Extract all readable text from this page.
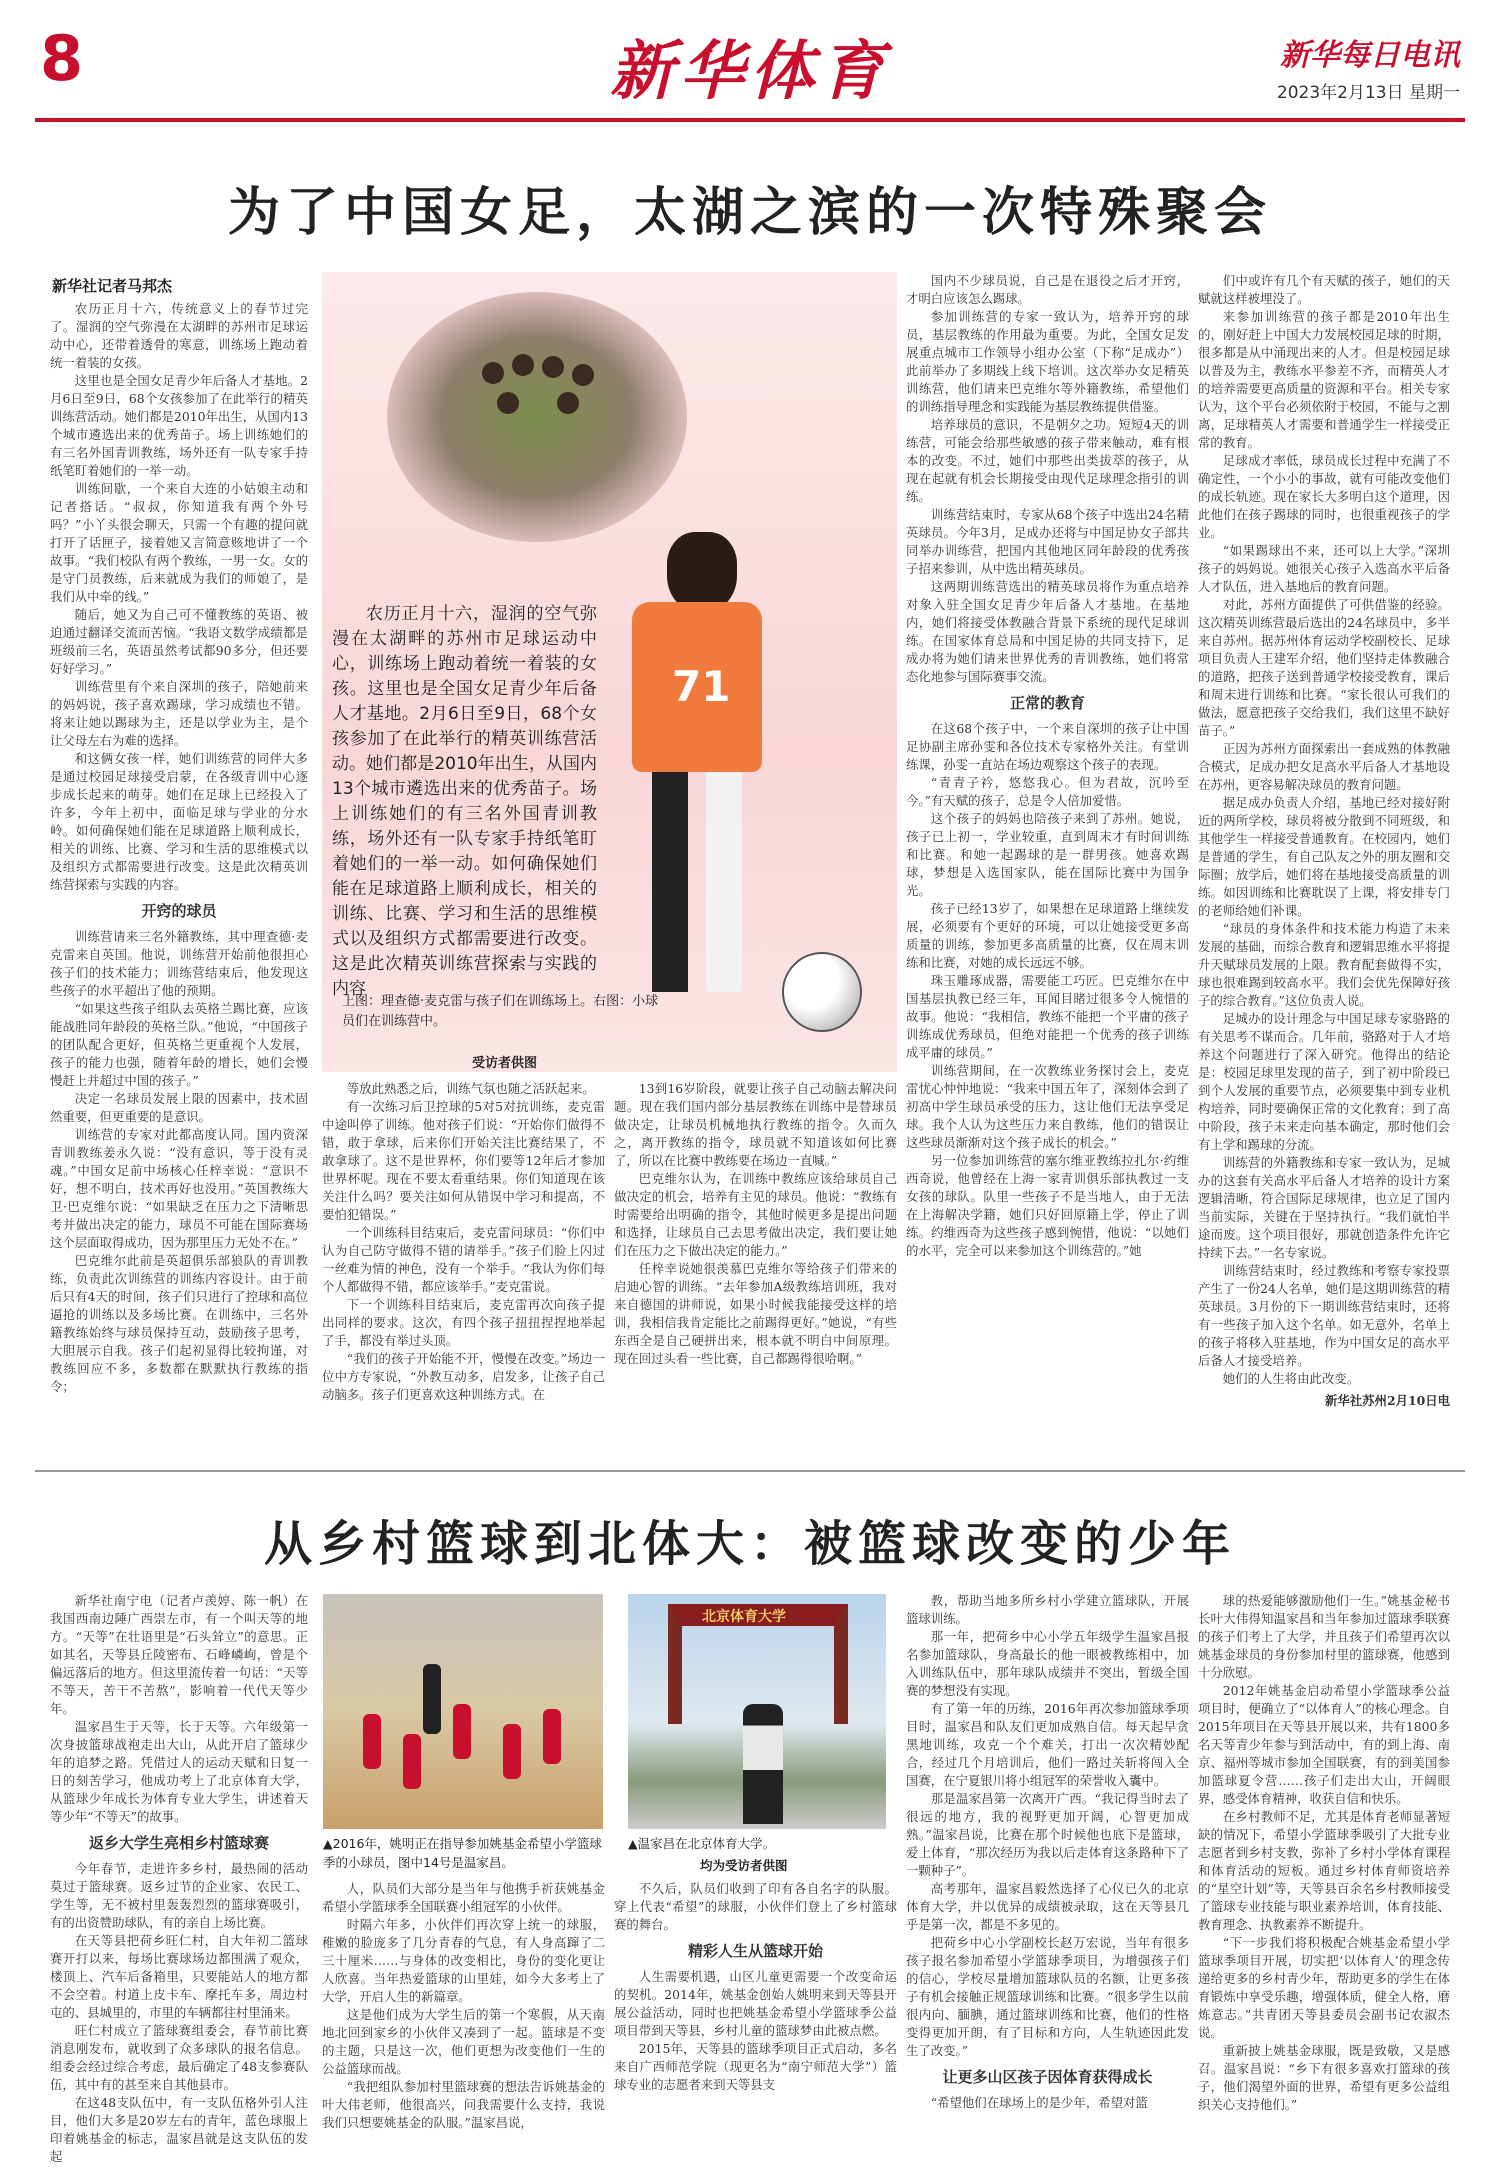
8	新华体育	新华每日电讯
2023年2月13日 星期一
为了中国女足，太湖之滨的一次特殊聚会
新华社记者马邦杰

农历正月十六，传统意义上的春节过完了。湿润的空气弥漫在太湖畔的苏州市足球运动中心，还带着透骨的寒意，训练场上跑动着统一着装的女孩。

这里也是全国女足青少年后备人才基地。2月6日至9日，68个女孩参加了在此举行的精英训练营活动。她们都是2010年出生，从国内13个城市遴选出来的优秀苗子。场上训练她们的有三名外国青训教练，场外还有一队专家手持纸笔盯着她们的一举一动。

训练间歇，一个来自大连的小姑娘主动和记者搭话。“叔叔，你知道我有两个外号吗？”小丫头很会聊天，只需一个有趣的提问就打开了话匣子，接着她又言简意赅地讲了一个故事。“我们校队有两个教练，一男一女。女的是守门员教练，后来就成为我们的师娘了，是我们从中牵的线。”

随后，她又为自己可不懂教练的英语、被迫通过翻译交流而苦恼。“我语文数学成绩都是班级前三名，英语虽然考试都90多分，但还要好好学习。”

训练营里有个来自深圳的孩子，陪她前来的妈妈说，孩子喜欢踢球，学习成绩也不错。将来让她以踢球为主，还是以学业为主，是个让父母左右为难的选择。

和这俩女孩一样，她们训练营的同伴大多是通过校园足球接受启蒙，在各级青训中心逐步成长起来的萌芽。她们在足球上已经投入了许多，今年上初中，面临足球与学业的分水岭。如何确保她们能在足球道路上顺利成长，相关的训练、比赛、学习和生活的思维模式以及组织方式都需要进行改变。这是此次精英训练营探索与实践的内容。

开窍的球员

训练营请来三名外籍教练，其中理查德·麦克雷来自英国。他说，训练营开始前他很担心孩子们的技术能力；训练营结束后，他发现这些孩子的水平超出了他的预期。

“如果这些孩子组队去英格兰踢比赛，应该能战胜同年龄段的英格兰队。”他说，“中国孩子的团队配合更好，但英格兰更重视个人发展，孩子的能力也强，随着年龄的增长，她们会慢慢赶上并超过中国的孩子。”

决定一名球员发展上限的因素中，技术固然重要，但更重要的是意识。

训练营的专家对此都高度认同。国内资深青训教练姜永久说：“没有意识，等于没有灵魂。”中国女足前中场核心任梓幸说：“意识不好，想不明白，技术再好也没用。”英国教练大卫·巴克维尔说：“如果缺乏在压力之下清晰思考并做出决定的能力，球员不可能在国际赛场这个层面取得成功，因为那里压力无处不在。”

巴克维尔此前是英超俱乐部狼队的青训教练，负责此次训练营的训练内容设计。由于前后只有4天的时间，孩子们只进行了控球和高位逼抢的训练以及多场比赛。在训练中，三名外籍教练始终与球员保持互动，鼓励孩子思考，大胆展示自我。孩子们起初显得比较拘谨，对教练回应不多，多数都在默默执行教练的指令；

71
农历正月十六，湿润的空气弥漫在太湖畔的苏州市足球运动中心，训练场上跑动着统一着装的女孩。这里也是全国女足青少年后备人才基地。2月6日至9日，68个女孩参加了在此举行的精英训练营活动。她们都是2010年出生，从国内13个城市遴选出来的优秀苗子。场上训练她们的有三名外国青训教练，场外还有一队专家手持纸笔盯着她们的一举一动。如何确保她们能在足球道路上顺利成长，相关的训练、比赛、学习和生活的思维模式以及组织方式都需要进行改变。这是此次精英训练营探索与实践的内容
上图：理查德·麦克雷与孩子们在训练场上。右图：小球员们在训练营中。
受访者供图

等放此熟悉之后，训练气氛也随之活跃起来。

有一次练习后卫控球的5对5对抗训练，麦克雷中途叫停了训练。他对孩子们说：“开始你们做得不错，敢于拿球，后来你们开始关注比赛结果了，不敢拿球了。这不是世界杯，你们要等12年后才参加世界杯呢。现在不要太看重结果。你们知道现在该关注什么吗？要关注如何从错误中学习和提高，不要怕犯错误。”

一个训练科目结束后，麦克雷问球员：“你们中认为自己防守做得不错的请举手。”孩子们脸上闪过一丝难为情的神色，没有一个举手。“我认为你们每个人都做得不错，都应该举手。”麦克雷说。

下一个训练科目结束后，麦克雷再次向孩子提出同样的要求。这次，有四个孩子扭扭捏捏地举起了手，都没有举过头顶。

“我们的孩子开始能不开，慢慢在改变。”场边一位中方专家说，“外教互动多，启发多，让孩子自己动脑多。孩子们更喜欢这种训练方式。在

13到16岁阶段，就要让孩子自己动脑去解决问题。现在我们国内部分基层教练在训练中是替球员做决定，让球员机械地执行教练的指令。久而久之，离开教练的指令，球员就不知道该如何比赛了，所以在比赛中教练要在场边一直喊。”

巴克维尔认为，在训练中教练应该给球员自己做决定的机会，培养有主见的球员。他说：“教练有时需要给出明确的指令，其他时候更多是提出问题和选择，让球员自己去思考做出决定，我们要让她们在压力之下做出决定的能力。”

任梓幸说她很羡慕巴克维尔等给孩子们带来的启迪心智的训练。“去年参加A级教练培训班，我对来自德国的讲师说，如果小时候我能接受这样的培训，我相信我肯定能比之前踢得更好。”她说，“有些东西全是自己硬拼出来，根本就不明白中间原理。现在回过头看一些比赛，自己都踢得很哈啊。”

国内不少球员说，自己是在退役之后才开窍，才明白应该怎么踢球。

参加训练营的专家一致认为，培养开窍的球员，基层教练的作用最为重要。为此，全国女足发展重点城市工作领导小组办公室（下称“足成办”）此前举办了多期线上线下培训。这次举办女足精英训练营，他们请来巴克维尔等外籍教练，希望他们的训练指导理念和实践能为基层教练提供借鉴。

培养球员的意识，不是朝夕之功。短短4天的训练营，可能会给那些敏感的孩子带来触动，难有根本的改变。不过，她们中那些出类拔萃的孩子，从现在起就有机会长期接受由现代足球理念指引的训练。

训练营结束时，专家从68个孩子中选出24名精英球员。今年3月，足成办还将与中国足协女子部共同举办训练营，把国内其他地区同年龄段的优秀孩子招来参训，从中选出精英球员。

这两期训练营选出的精英球员将作为重点培养对象入驻全国女足青少年后备人才基地。在基地内，她们将接受体教融合背景下系统的现代足球训练。在国家体育总局和中国足协的共同支持下，足成办将为她们请来世界优秀的青训教练，她们将常态化地参与国际赛事交流。

正常的教育

在这68个孩子中，一个来自深圳的孩子让中国足协副主席孙雯和各位技术专家格外关注。有堂训练课，孙雯一直站在场边观察这个孩子的表现。

“青青子衿，悠悠我心。但为君故，沉吟至今。”有天赋的孩子，总是令人倍加爱惜。

这个孩子的妈妈也陪孩子来到了苏州。她说，孩子已上初一，学业较重，直到周末才有时间训练和比赛。和她一起踢球的是一群男孩。她喜欢踢球，梦想是入选国家队，能在国际比赛中为国争光。

孩子已经13岁了，如果想在足球道路上继续发展，必须要有个更好的环境，可以让她接受更多高质量的训练，参加更多高质量的比赛，仅在周末训练和比赛，对她的成长远远不够。

珠玉雕琢成器，需要能工巧匠。巴克维尔在中国基层执教已经三年，耳闻目睹过很多令人惋惜的故事。他说：“我相信，教练不能把一个平庸的孩子训练成优秀球员，但绝对能把一个优秀的孩子训练成平庸的球员。”

训练营期间，在一次教练业务探讨会上，麦克雷忧心忡忡地说：“我来中国五年了，深刻体会到了初高中学生球员承受的压力，这让他们无法享受足球。我个人认为这些压力来自教练，他们的错误让这些球员渐渐对这个孩子成长的机会。”

另一位参加训练营的塞尔维亚教练拉扎尔·约维西奇说，他曾经在上海一家青训俱乐部执教过一支女孩的球队。队里一些孩子不是当地人，由于无法在上海解决学籍，她们只好回原籍上学，停止了训练。约维西奇为这些孩子感到惋惜，他说：“以她们的水平，完全可以来参加这个训练营的。”她

们中或许有几个有天赋的孩子，她们的天赋就这样被埋没了。

来参加训练营的孩子都是2010年出生的，刚好赶上中国大力发展校园足球的时期，很多都是从中涌现出来的人才。但是校园足球以普及为主，教练水平参差不齐，而精英人才的培养需要更高质量的资源和平台。相关专家认为，这个平台必须依附于校园，不能与之割离，足球精英人才需要和普通学生一样接受正常的教育。

足球成才率低，球员成长过程中充满了不确定性，一个小小的事故，就有可能改变他们的成长轨迹。现在家长大多明白这个道理，因此他们在孩子踢球的同时，也很重视孩子的学业。

“如果踢球出不来，还可以上大学。”深圳孩子的妈妈说。她很关心孩子入选高水平后备人才队伍，进入基地后的教育问题。

对此，苏州方面提供了可供借鉴的经验。这次精英训练营最后选出的24名球员中，多半来自苏州。据苏州体育运动学校副校长、足球项目负责人王建军介绍，他们坚持走体教融合的道路，把孩子送到普通学校接受教育，课后和周末进行训练和比赛。“家长很认可我们的做法，愿意把孩子交给我们，我们这里不缺好苗子。”

正因为苏州方面探索出一套成熟的体教融合模式，足成办把女足高水平后备人才基地设在苏州，更容易解决球员的教育问题。

据足成办负责人介绍，基地已经对接好附近的两所学校，球员将被分散到不同班级，和其他学生一样接受普通教育。在校园内，她们是普通的学生，有自己队友之外的朋友圈和交际圈；放学后，她们将在基地接受高质量的训练。如因训练和比赛耽误了上课，将安排专门的老师给她们补课。

“球员的身体条件和技术能力构造了未来发展的基础，而综合教育和逻辑思维水平将提升天赋球员发展的上限。教育配套做得不实，球也很难踢到较高水平。我们会优先保障好孩子的综合教育。”这位负责人说。

足城办的设计理念与中国足球专家骆路的有关思考不谋而合。几年前，骆路对于人才培养这个问题进行了深入研究。他得出的结论是：校园足球里发现的苗子，到了初中阶段已到个人发展的重要节点，必须要集中到专业机构培养，同时要确保正常的文化教育；到了高中阶段，孩子未来走向基本确定，那时他们会有上学和踢球的分流。

训练营的外籍教练和专家一致认为，足城办的这套有关高水平后备人才培养的设计方案逻辑清晰，符合国际足球规律，也立足了国内当前实际，关键在于坚持执行。“我们就怕半途而废。这个项目很好，那就创造条件允许它持续下去。”一名专家说。

训练营结束时，经过教练和考察专家投票产生了一份24人名单，她们是这期训练营的精英球员。3月份的下一期训练营结束时，还将有一些孩子加入这个名单。如无意外，名单上的孩子将移入驻基地，作为中国女足的高水平后备人才接受培养。

她们的人生将由此改变。

新华社苏州2月10日电
从乡村篮球到北体大：被篮球改变的少年

新华社南宁电（记者卢羡婷、陈一帆）在我国西南边陲广西崇左市，有一个叫天等的地方。“天等”在壮语里是“石头耸立”的意思。正如其名，天等县丘陵密布、石峰嶙峋，曾是个偏远落后的地方。但这里流传着一句话：“天等不等天，苦干不苦熬”，影响着一代代天等少年。

温家昌生于天等，长于天等。六年级第一次身披篮球战袍走出大山，从此开启了篮球少年的追梦之路。凭借过人的运动天赋和日复一日的刻苦学习，他成功考上了北京体育大学，从篮球少年成长为体育专业大学生，讲述着天等少年“不等天”的故事。

返乡大学生亮相乡村篮球赛

今年春节，走进许多乡村，最热闹的活动莫过于篮球赛。返乡过节的企业家、农民工、学生等，无不被村里轰轰烈烈的篮球赛吸引，有的出资赞助球队，有的亲自上场比赛。

在天等县把荷乡旺仁村，自大年初二篮球赛开打以来，每场比赛球场边都围满了观众，楼顶上、汽车后备箱里，只要能站人的地方都不会空着。村道上皮卡车、摩托车多，周边村屯的、县城里的，市里的车辆都往村里涌来。

旺仁村成立了篮球赛组委会，春节前比赛消息刚发布，就收到了众多球队的报名信息。组委会经过综合考虑，最后确定了48支参赛队伍，其中有的甚至来自其他县市。

在这48支队伍中，有一支队伍格外引人注目，他们大多是20岁左右的青年，蓝色球服上印着姚基金的标志，温家昌就是这支队伍的发起

▲2016年，姚明正在指导参加姚基金希望小学篮球季的小球员，图中14号是温家昌。
北京体育大学
▲温家昌在北京体育大学。
均为受访者供图

人，队员们大部分是当年与他携手祈获姚基金希望小学篮球季全国联赛小组冠军的小伙伴。

时隔六年多，小伙伴们再次穿上统一的球服，稚嫩的脸庞多了几分青春的气息，有人身高蹿了二三十厘米……与身体的改变相比，身份的变化更让人欣喜。当年热爱篮球的山里娃，如今大多考上了大学，开启人生的新篇章。

这是他们成为大学生后的第一个寒假，从天南地北回到家乡的小伙伴又凑到了一起。篮球是不变的主题，只是这一次，他们更想为改变他们一生的公益篮球而战。

“我把组队参加村里篮球赛的想法告诉姚基金的叶大伟老师，他很高兴，问我需要什么支持，我说我们只想要姚基金的队服。”温家昌说，

不久后，队员们收到了印有各自名字的队服。穿上代表“希望”的球服，小伙伴们登上了乡村篮球赛的舞台。

精彩人生从篮球开始

人生需要机遇，山区儿童更需要一个改变命运的契机。2014年，姚基金创始人姚明来到天等县开展公益活动，同时也把姚基金希望小学篮球季公益项目带到天等县，乡村儿童的篮球梦由此被点燃。

2015年，天等县的篮球季项目正式启动，多名来自广西师范学院（现更名为“南宁师范大学”）篮球专业的志愿者来到天等县支

教，帮助当地多所乡村小学建立篮球队，开展篮球训练。

那一年，把荷乡中心小学五年级学生温家昌报名参加篮球队，身高最长的他一眼被教练相中，加入训练队伍中，那年球队成绩并不突出，暂级全国赛的梦想没有实现。

有了第一年的历练，2016年再次参加篮球季项目时，温家昌和队友们更加成熟自信。每天起早贪黑地训练，攻克一个个难关，打出一次次精妙配合，经过几个月培训后，他们一路过关斩将闯入全国赛，在宁夏银川将小组冠军的荣誉收入囊中。

那是温家昌第一次离开广西。“我记得当时去了很远的地方，我的视野更加开阔，心智更加成熟。”温家昌说，比赛在那个时候他也底下是篮球，爱上体育，“那次经历为我以后走体育这条路种下了一颗种子”。

高考那年，温家昌毅然选择了心仪已久的北京体育大学，并以优异的成绩被录取，这在天等县几乎是第一次，都是不多见的。

把荷乡中心小学副校长赵万宏说，当年有很多孩子报名参加希望小学篮球季项目，为增强孩子们的信心，学校尽量增加篮球队员的名额，让更多孩子有机会接触正规篮球训练和比赛。“很多学生以前很内向、腼腆，通过篮球训练和比赛，他们的性格变得更加开朗，有了目标和方向，人生轨迹因此发生了改变。”

让更多山区孩子因体育获得成长

“希望他们在球场上的是少年，希望对篮

球的热爱能够激励他们一生。”姚基金秘书长叶大伟得知温家昌和当年参加过篮球季联赛的孩子们考上了大学，并且孩子们希望再次以姚基金球员的身份参加村里的篮球赛，他感到十分欣慰。

2012年姚基金启动希望小学篮球季公益项目时，便确立了“以体育人”的核心理念。自2015年项目在天等县开展以来，共有1800多名天等青少年参与到活动中，有的到上海、南京、福州等城市参加全国联赛，有的到美国参加篮球夏令营……孩子们走出大山，开阔眼界，感受体育精神，收获自信和快乐。

在乡村教师不足，尤其是体育老师显著短缺的情况下，希望小学篮球季吸引了大批专业志愿者到乡村支教，弥补了乡村小学体育课程和体育活动的短板。通过乡村体育师资培养的“星空计划”等，天等县百余名乡村教师接受了篮球专业技能与职业素养培训，体育技能、教育理念、执教素养不断提升。

“下一步我们将积极配合姚基金希望小学篮球季项目开展，切实把‘以体育人’的理念传递给更多的乡村青少年，帮助更多的学生在体育锻炼中享受乐趣，增强体质，健全人格，磨炼意志。”共青团天等县委员会副书记农淑杰说。

重新披上姚基金球服，既是致敬，又是感召。温家昌说：“乡下有很多喜欢打篮球的孩子，他们渴望外面的世界，希望有更多公益组织关心支持他们。”
